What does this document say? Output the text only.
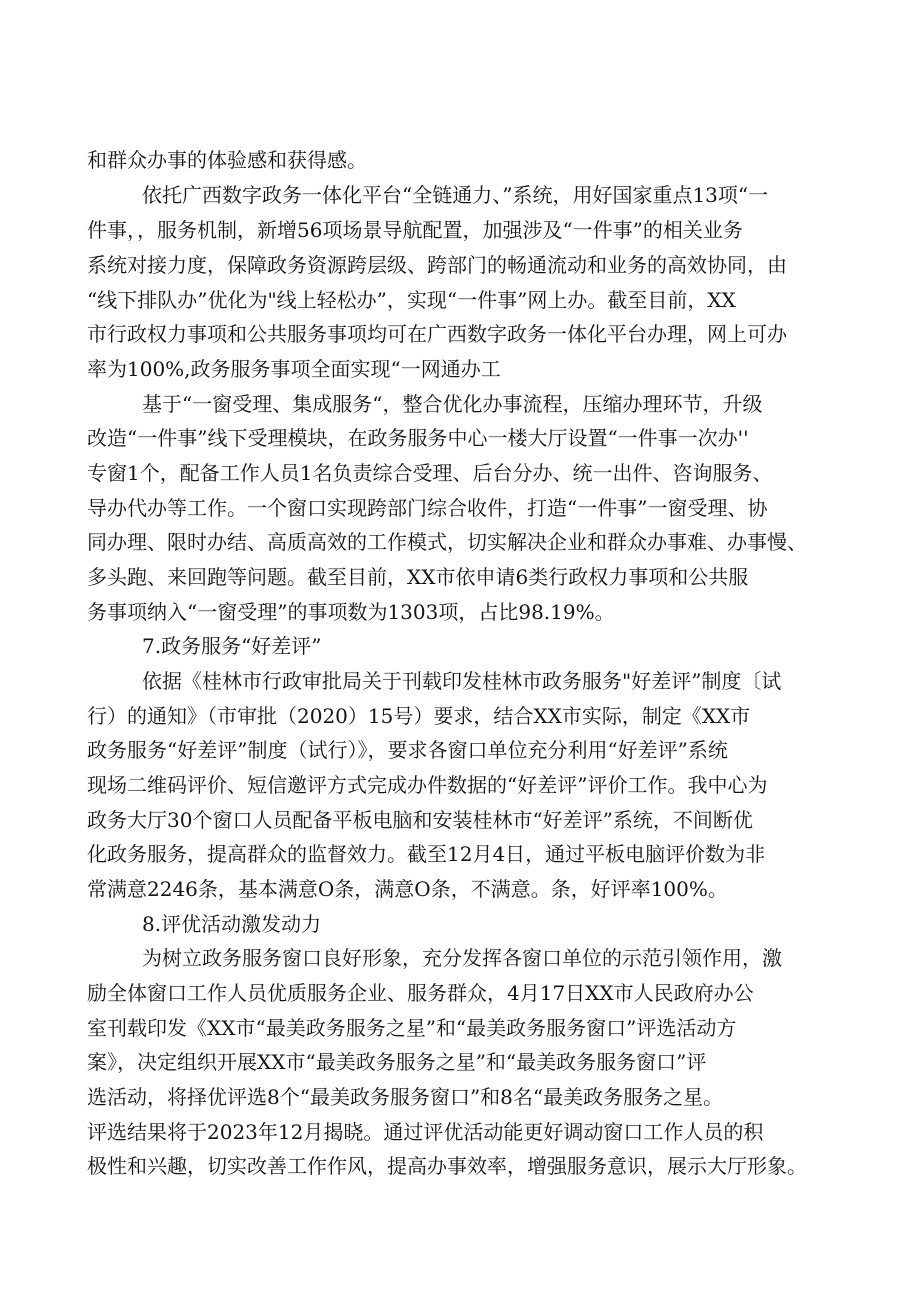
和群众办事的体验感和获得感。
依托广西数字政务一体化平台“全链通力、”系统，用好国家重点13项“一
件事，，服务机制，新增56项场景导航配置，加强涉及“一件事”的相关业务
系统对接力度，保障政务资源跨层级、跨部门的畅通流动和业务的高效协同，由
“线下排队办”优化为"线上轻松办”，实现“一件事”网上办。截至目前，XX
市行政权力事项和公共服务事项均可在广西数字政务一体化平台办理，网上可办
率为100%,政务服务事项全面实现“一网通办工
基于“一窗受理、集成服务“，整合优化办事流程，压缩办理环节，升级
改造“一件事”线下受理模块，在政务服务中心一楼大厅设置“一件事一次办''
专窗1个，配备工作人员1名负责综合受理、后台分办、统一出件、咨询服务、
导办代办等工作。一个窗口实现跨部门综合收件，打造“一件事”一窗受理、协
同办理、限时办结、高质高效的工作模式，切实解决企业和群众办事难、办事慢、
多头跑、来回跑等问题。截至目前，XX市依申请6类行政权力事项和公共服
务事项纳入“一窗受理”的事项数为1303项，占比98.19%。
7.政务服务“好差评”
依据《桂林市行政审批局关于刊载印发桂林市政务服务"好差评”制度〔试
行）的通知》（市审批（2020）15号）要求，结合XX市实际，制定《XX市
政务服务“好差评”制度（试行）》，要求各窗口单位充分利用“好差评”系统
现场二维码评价、短信邀评方式完成办件数据的“好差评”评价工作。我中心为
政务大厅30个窗口人员配备平板电脑和安装桂林市“好差评”系统，不间断优
化政务服务，提高群众的监督效力。截至12月4日，通过平板电脑评价数为非
常满意2246条，基本满意O条，满意O条，不满意。条，好评率100%。
8.评优活动激发动力
为树立政务服务窗口良好形象，充分发挥各窗口单位的示范引领作用，激
励全体窗口工作人员优质服务企业、服务群众，4月17日XX市人民政府办公
室刊载印发《XX市“最美政务服务之星”和“最美政务服务窗口”评选活动方
案》，决定组织开展XX市“最美政务服务之星”和“最美政务服务窗口”评
选活动，将择优评选8个“最美政务服务窗口”和8名“最美政务服务之星。
评选结果将于2023年12月揭晓。通过评优活动能更好调动窗口工作人员的积
极性和兴趣，切实改善工作作风，提高办事效率，增强服务意识，展示大厅形象。
